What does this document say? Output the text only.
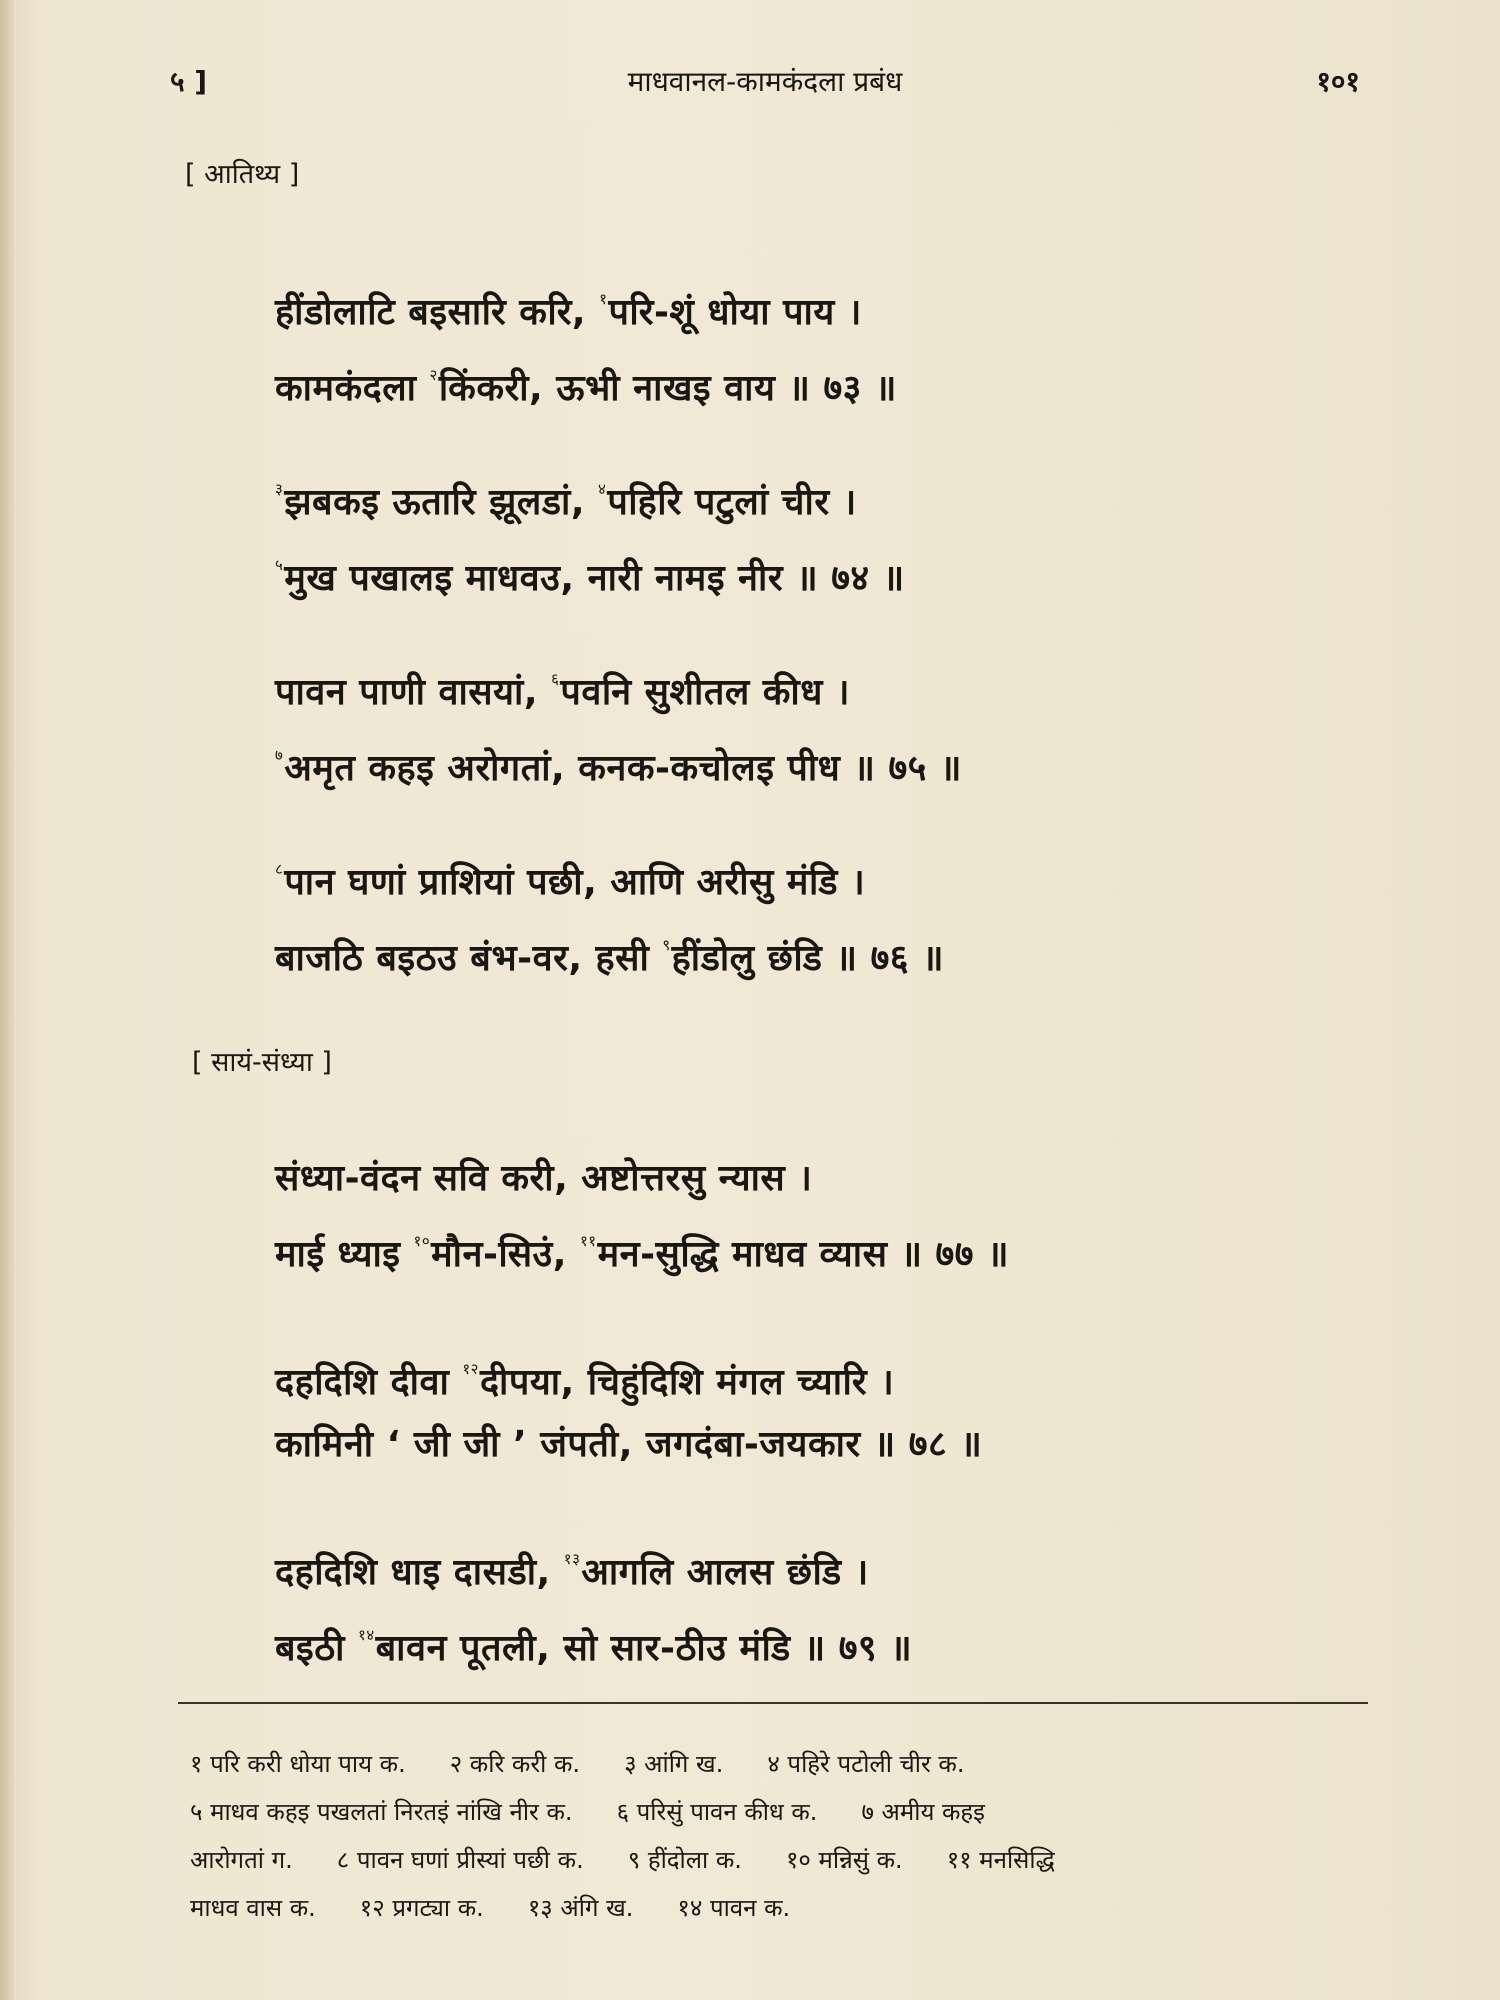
५ ]	माधवानल-कामकंदला प्रबंध	१०१
[ आतिथ्य ]
हींडोलाटि बइसारि करि, $^१$परि-शूं धोया पाय ।
कामकंदला $^२$किंकरी, ऊभी नाखइ वाय ॥ ७३ ॥
$^३$झबकइ ऊतारि झूलडां, $^४$पहिरि पटुलां चीर ।
$^५$मुख पखालइ माधवउ, नारी नामइ नीर ॥ ७४ ॥
पावन पाणी वासयां, $^६$पवनि सुशीतल कीध ।
$^७$अमृत कहइ अरोगतां, कनक-कचोलइ पीध ॥ ७५ ॥
$^८$पान घणां प्राशियां पछी, आणि अरीसु मंडि ।
बाजठि बइठउ बंभ-वर, हसी $^९$हींडोलु छंडि ॥ ७६ ॥
[ सायं-संध्या ]
संध्या-वंदन सवि करी, अष्टोत्तरसु न्यास ।
माई ध्याइ $^{१०}$मौन-सिउं, $^{११}$मन-सुद्धि माधव व्यास ॥ ७७ ॥
दहदिशि दीवा $^{१२}$दीपया, चिहुंदिशि मंगल च्यारि ।
कामिनी ‘ जी जी ’ जंपती, जगदंबा-जयकार ॥ ७८ ॥
दहदिशि धाइ दासडी, $^{१३}$आगलि आलस छंडि ।
बइठी $^{१४}$बावन पूतली, सो सार-ठीउ मंडि ॥ ७९ ॥
१ परि करी धोया पाय क. २ करि करी क. ३ आंगि ख. ४ पहिरे पटोली चीर क.
५ माधव कहइ पखलतां निरतइं नांखि नीर क. ६ परिसुं पावन कीध क. ७ अमीय कहइ
आरोगतां ग. ८ पावन घणां प्रीस्यां पछी क. ९ हींदोला क. १० मन्निसुं क. ११ मनसिद्धि
माधव वास क. १२ प्रगट्या क. १३ अंगि ख. १४ पावन क.
